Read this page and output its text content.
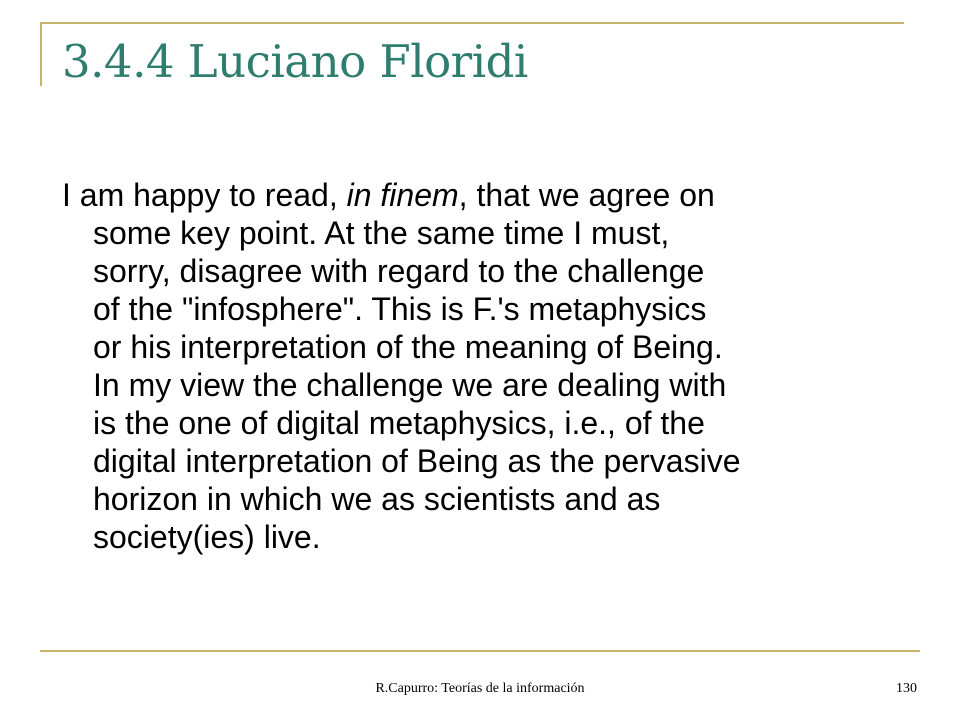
3.4.4 Luciano Floridi
I am happy to read, in finem, that we agree on
some key point. At the same time I must,
sorry, disagree with regard to the challenge
of the "infosphere". This is F.'s metaphysics
or his interpretation of the meaning of Being.
In my view the challenge we are dealing with
is the one of digital metaphysics, i.e., of the
digital interpretation of Being as the pervasive
horizon in which we as scientists and as
society(ies) live.
R.Capurro: Teorías de la información	130
